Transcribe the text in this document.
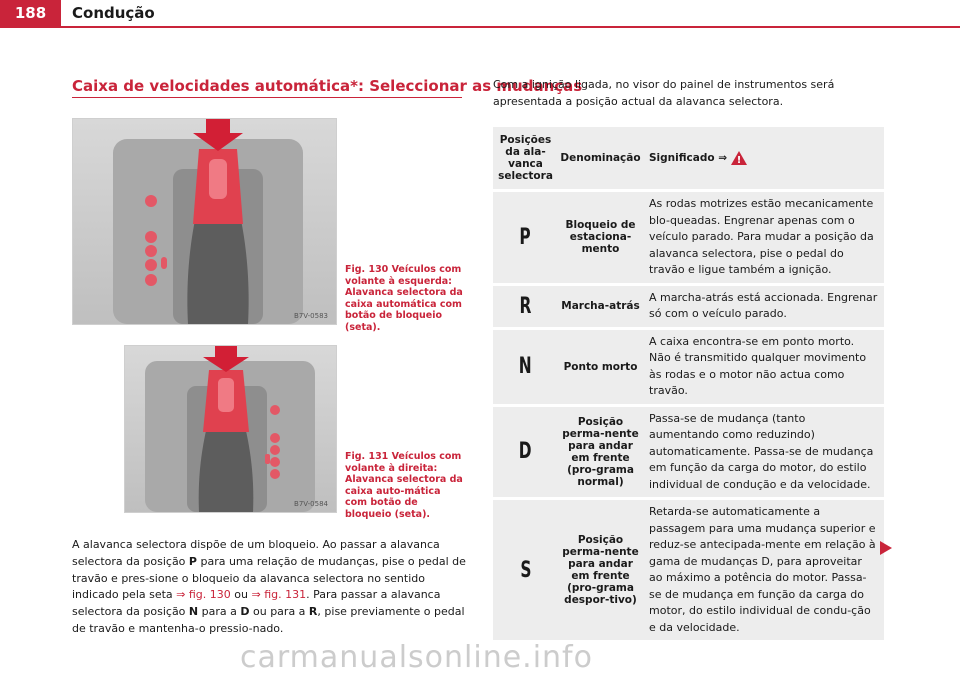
188	Condução
Caixa de velocidades automática*: Seleccionar as mudanças
B7V-0583
Fig. 130 Veículos com volante à esquerda: Alavanca selectora da caixa automática com botão de bloqueio (seta).
B7V-0584
Fig. 131 Veículos com volante à direita: Alavanca selectora da caixa auto-mática com botão de bloqueio (seta).
A alavanca selectora dispõe de um bloqueio. Ao passar a alavanca selectora da posição P para uma relação de mudanças, pise o pedal de travão e pres-sione o bloqueio da alavanca selectora no sentido indicado pela seta ⇒ fig. 130 ou ⇒ fig. 131. Para passar a alavanca selectora da posição N para a D ou para a R, pise previamente o pedal de travão e mantenha-o pressio-nado.
Com a ignição ligada, no visor do painel de instrumentos será apresentada a posição actual da alavanca selectora.
Posições da ala-vanca selectora	Denominação	Significado ⇒ !
P	Bloqueio de estaciona-mento	As rodas motrizes estão mecanicamente blo-queadas. Engrenar apenas com o veículo parado. Para mudar a posição da alavanca selectora, pise o pedal do travão e ligue também a ignição.
R	Marcha-atrás	A marcha-atrás está accionada. Engrenar só com o veículo parado.
N	Ponto morto	A caixa encontra-se em ponto morto. Não é transmitido qualquer movimento às rodas e o motor não actua como travão.
D	Posição perma-nente para andar em frente (pro-grama normal)	Passa-se de mudança (tanto aumentando como reduzindo) automaticamente. Passa-se de mudança em função da carga do motor, do estilo individual de condução e da velocidade.
S	Posição perma-nente para andar em frente (pro-grama despor-tivo)	Retarda-se automaticamente a passagem para uma mudança superior e reduz-se antecipada-mente em relação à gama de mudanças D, para aproveitar ao máximo a potência do motor. Passa-se de mudança em função da carga do motor, do estilo individual de condu-ção e da velocidade.
carmanualsonline.info
